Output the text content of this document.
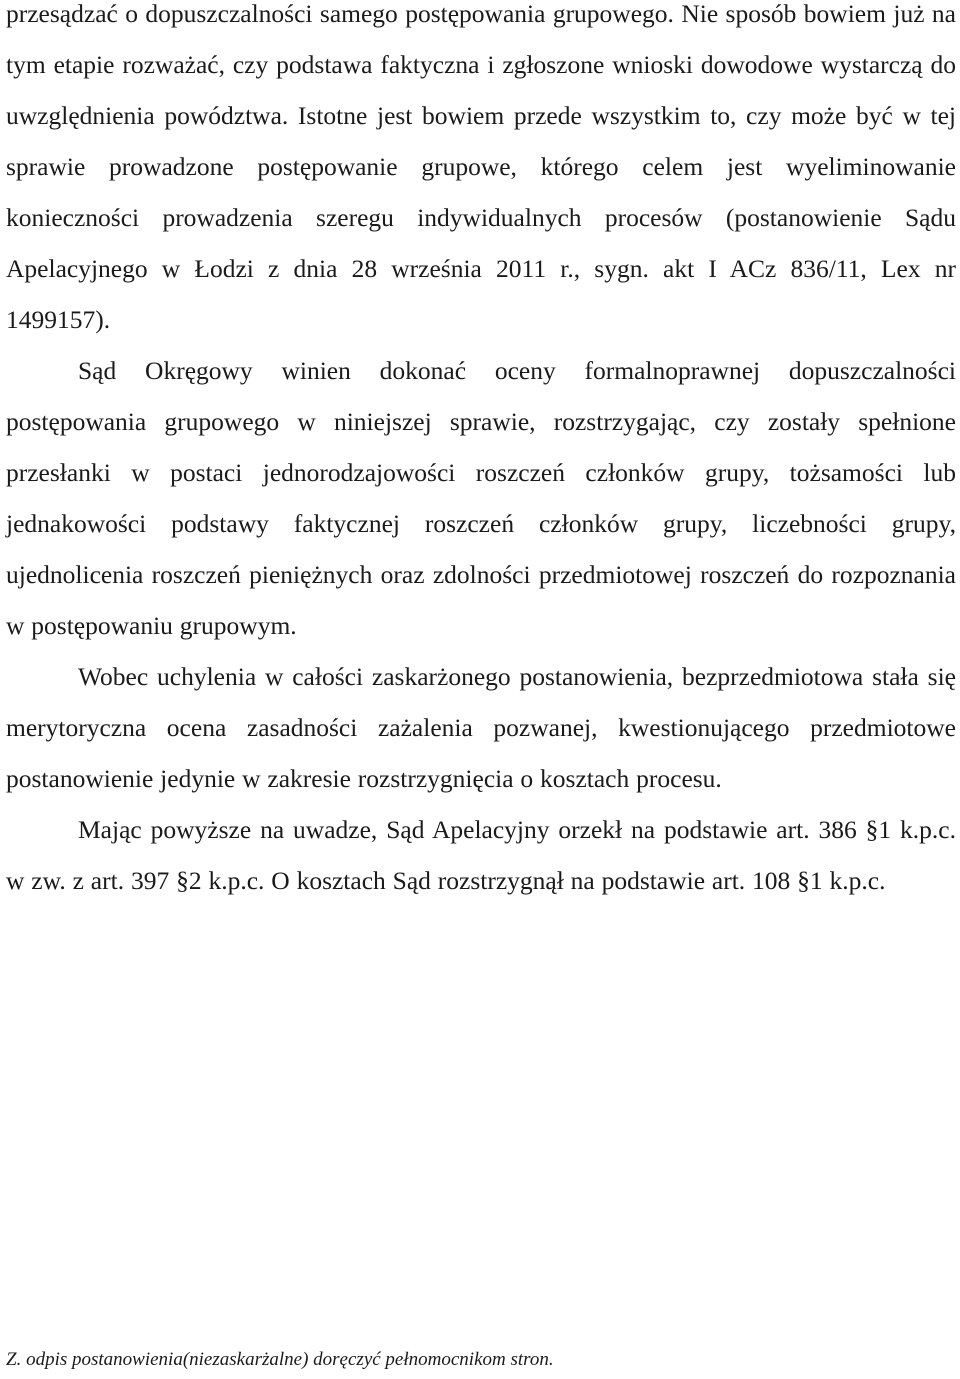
przesądzać o dopuszczalności samego postępowania grupowego. Nie sposób bowiem już na tym etapie rozważać, czy podstawa faktyczna i zgłoszone wnioski dowodowe wystarczą do uwzględnienia powództwa. Istotne jest bowiem przede wszystkim to, czy może być w tej sprawie prowadzone postępowanie grupowe, którego celem jest wyeliminowanie konieczności prowadzenia szeregu indywidualnych procesów (postanowienie Sądu Apelacyjnego w Łodzi z dnia 28 września 2011 r., sygn. akt I ACz 836/11, Lex nr 1499157).

Sąd Okręgowy winien dokonać oceny formalnoprawnej dopuszczalności postępowania grupowego w niniejszej sprawie, rozstrzygając, czy zostały spełnione przesłanki w postaci jednorodzajowości roszczeń członków grupy, tożsamości lub jednakowości podstawy faktycznej roszczeń członków grupy, liczebności grupy, ujednolicenia roszczeń pieniężnych oraz zdolności przedmiotowej roszczeń do rozpoznania w postępowaniu grupowym.

Wobec uchylenia w całości zaskarżonego postanowienia, bezprzedmiotowa stała się merytoryczna ocena zasadności zażalenia pozwanej, kwestionującego przedmiotowe postanowienie jedynie w zakresie rozstrzygnięcia o kosztach procesu.

Mając powyższe na uwadze, Sąd Apelacyjny orzekł na podstawie art. 386 §1 k.p.c. w zw. z art. 397 §2 k.p.c. O kosztach Sąd rozstrzygnął na podstawie art. 108 §1 k.p.c.

Z. odpis postanowienia(niezaskarżalne) doręczyć pełnomocnikom stron.
